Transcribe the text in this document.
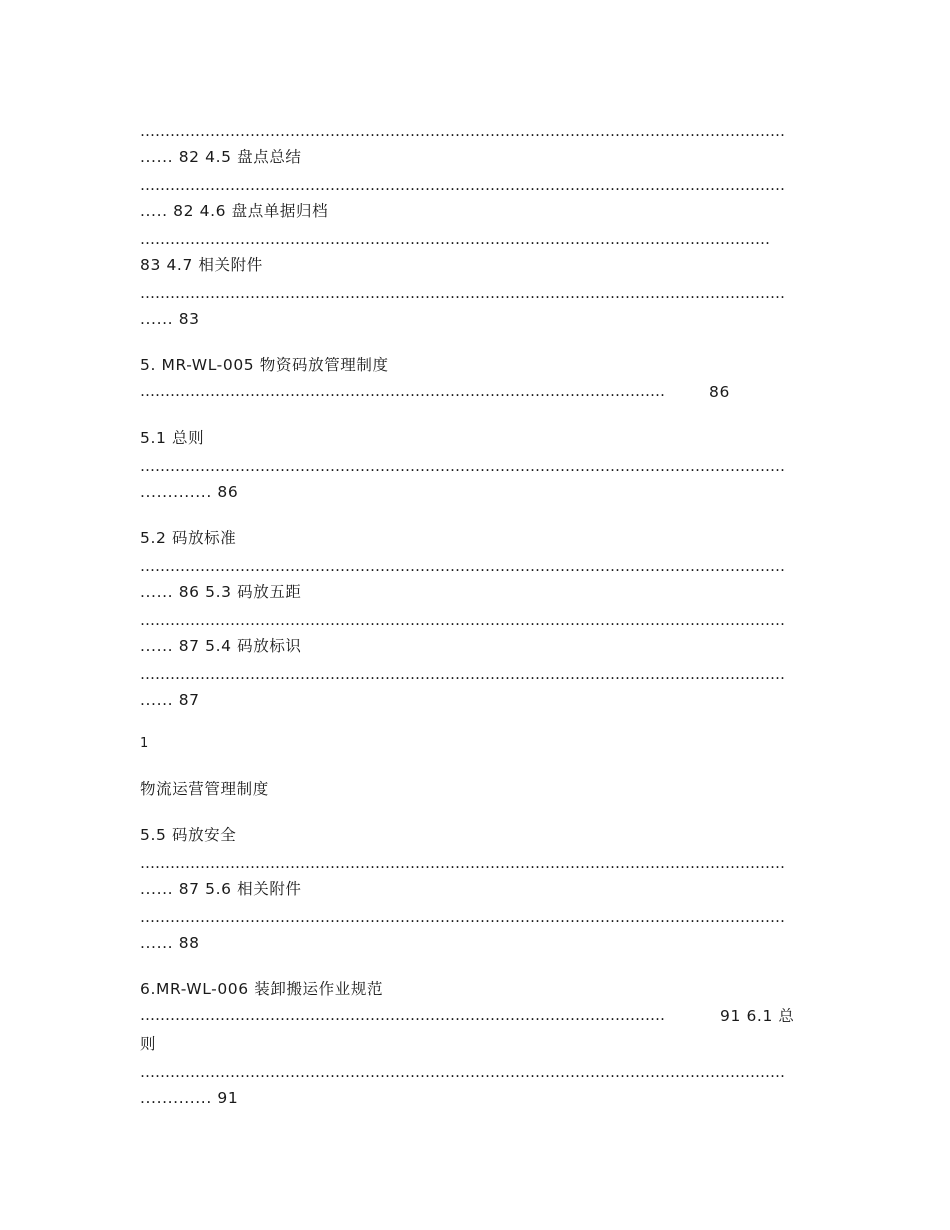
…………………………………………………………………………………………………………………
...... 82 4.5 盘点总结
…………………………………………………………………………………………………………………
..... 82 4.6 盘点单据归档
………………………………………………………………………………………………………………
83 4.7 相关附件
…………………………………………………………………………………………………………………
...... 83
5. MR-WL-005 物资码放管理制度
……………………………………………………………………………………………	86
5.1 总则
…………………………………………………………………………………………………………………
............. 86
5.2 码放标准
…………………………………………………………………………………………………………………
...... 86 5.3 码放五距
…………………………………………………………………………………………………………………
...... 87 5.4 码放标识
…………………………………………………………………………………………………………………
...... 87
1
物流运营管理制度
5.5 码放安全
…………………………………………………………………………………………………………………
...... 87 5.6 相关附件
…………………………………………………………………………………………………………………
...... 88
6.MR-WL-006 装卸搬运作业规范
……………………………………………………………………………………………	91 6.1 总
则
…………………………………………………………………………………………………………………
............. 91
